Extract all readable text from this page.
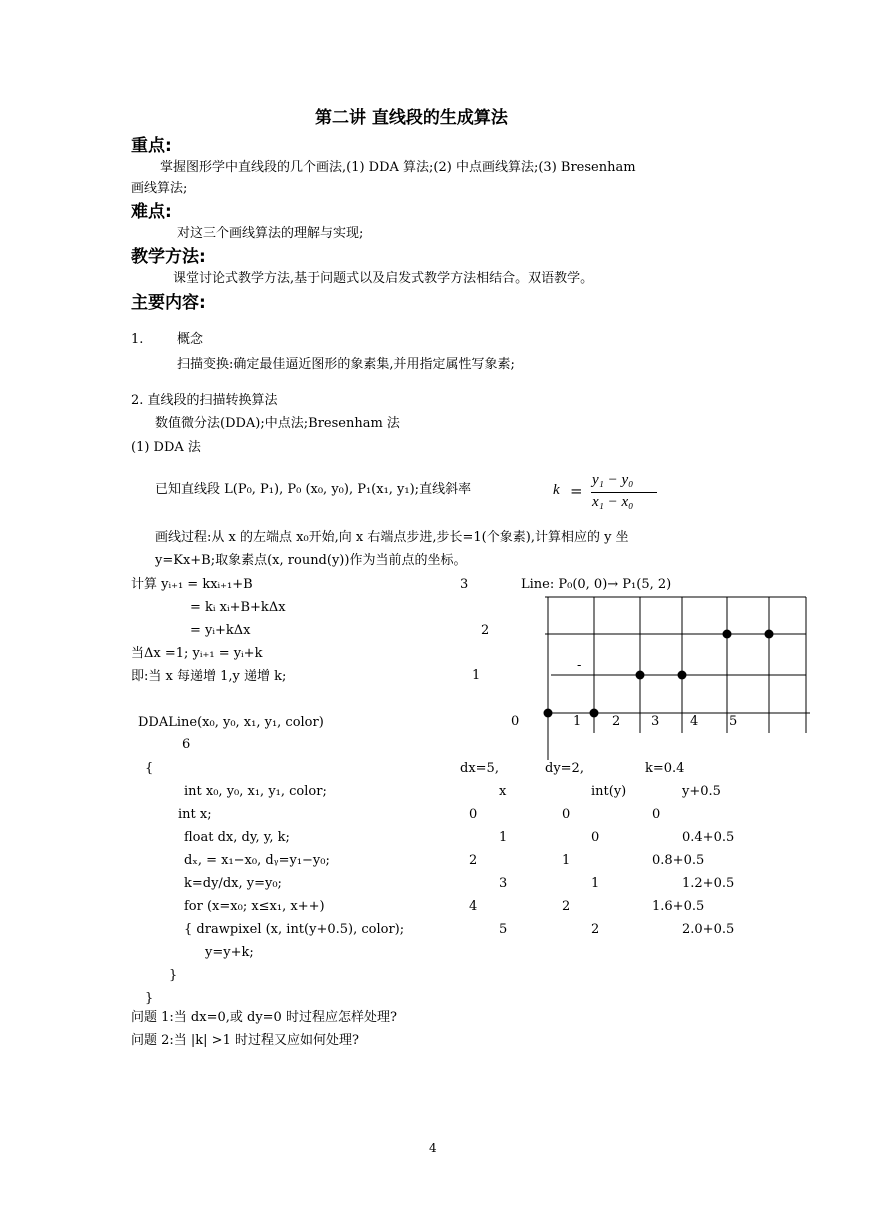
第二讲 直线段的生成算法
重点:
掌握图形学中直线段的几个画法,(1) DDA 算法;(2) 中点画线算法;(3) Bresenham
画线算法;
难点:
对这三个画线算法的理解与实现;
教学方法:
课堂讨论式教学方法,基于问题式以及启发式教学方法相结合。双语教学。
主要内容:
1.	概念
扫描变换:确定最佳逼近图形的象素集,并用指定属性写象素;
2. 直线段的扫描转换算法
数值微分法(DDA);中点法;Bresenham 法
(1) DDA 法
已知直线段 L(P₀, P₁), P₀ (x₀, y₀), P₁(x₁, y₁);直线斜率	k =
y₁ − y₀
x₁ − x₀
画线过程:从 x 的左端点 x₀开始,向 x 右端点步进,步长=1(个象素),计算相应的 y 坐
y=Kx+B;取象素点(x, round(y))作为当前点的坐标。
计算 yᵢ₊₁ = kxᵢ₊₁+B
= kᵢ xᵢ+B+kΔx
= yᵢ+kΔx
当Δx =1; yᵢ₊₁ = yᵢ+k
即:当 x 每递增 1,y 递增 k;
Line: P₀(0, 0)→ P₁(5, 2)
3
2
1
0	1 2 3 4 5
6
-
DDALine(x₀, y₀, x₁, y₁, color)
{
int x₀, y₀, x₁, y₁, color;
int x;
float dx, dy, y, k;
dₓ, = x₁−x₀, dᵧ=y₁−y₀;
k=dy/dx, y=y₀;
for (x=x₀; x≤x₁, x++)
{ drawpixel (x, int(y+0.5), color);
y=y+k;
}
}
dx=5,	dy=2,	k=0.4
x	int(y)	y+0.5
0	0	0
1	0	0.4+0.5
2	1	0.8+0.5
3	1	1.2+0.5
4	2	1.6+0.5
5	2	2.0+0.5
问题 1:当 dx=0,或 dy=0 时过程应怎样处理?
问题 2:当 |k| >1 时过程又应如何处理?
4
